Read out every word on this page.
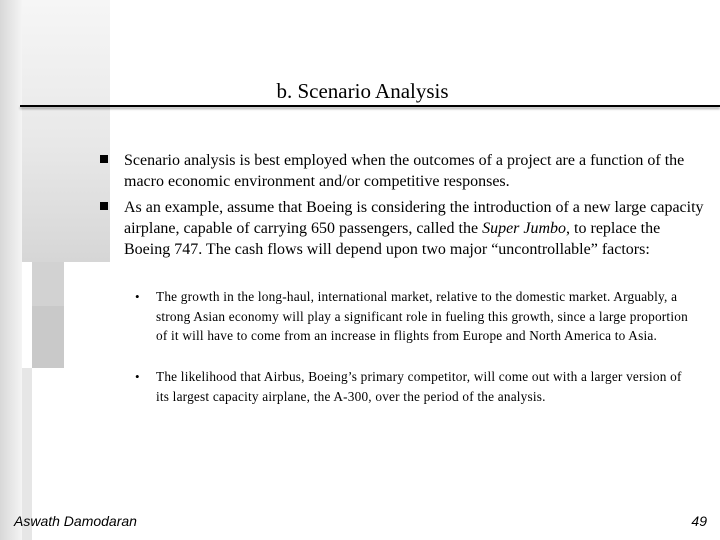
b. Scenario Analysis
Scenario analysis is best employed when the outcomes of a project are a function of the macro economic environment and/or competitive responses.
As an example, assume that Boeing is considering the introduction of a new large capacity airplane, capable of carrying 650 passengers, called the Super Jumbo, to replace the Boeing 747. The cash flows will depend upon two major “uncontrollable” factors:
• The growth in the long-haul, international market, relative to the domestic market. Arguably, a strong Asian economy will play a significant role in fueling this growth, since a large proportion of it will have to come from an increase in flights from Europe and North America to Asia.
• The likelihood that Airbus, Boeing’s primary competitor, will come out with a larger version of its largest capacity airplane, the A-300, over the period of the analysis.
Aswath Damodaran	49
